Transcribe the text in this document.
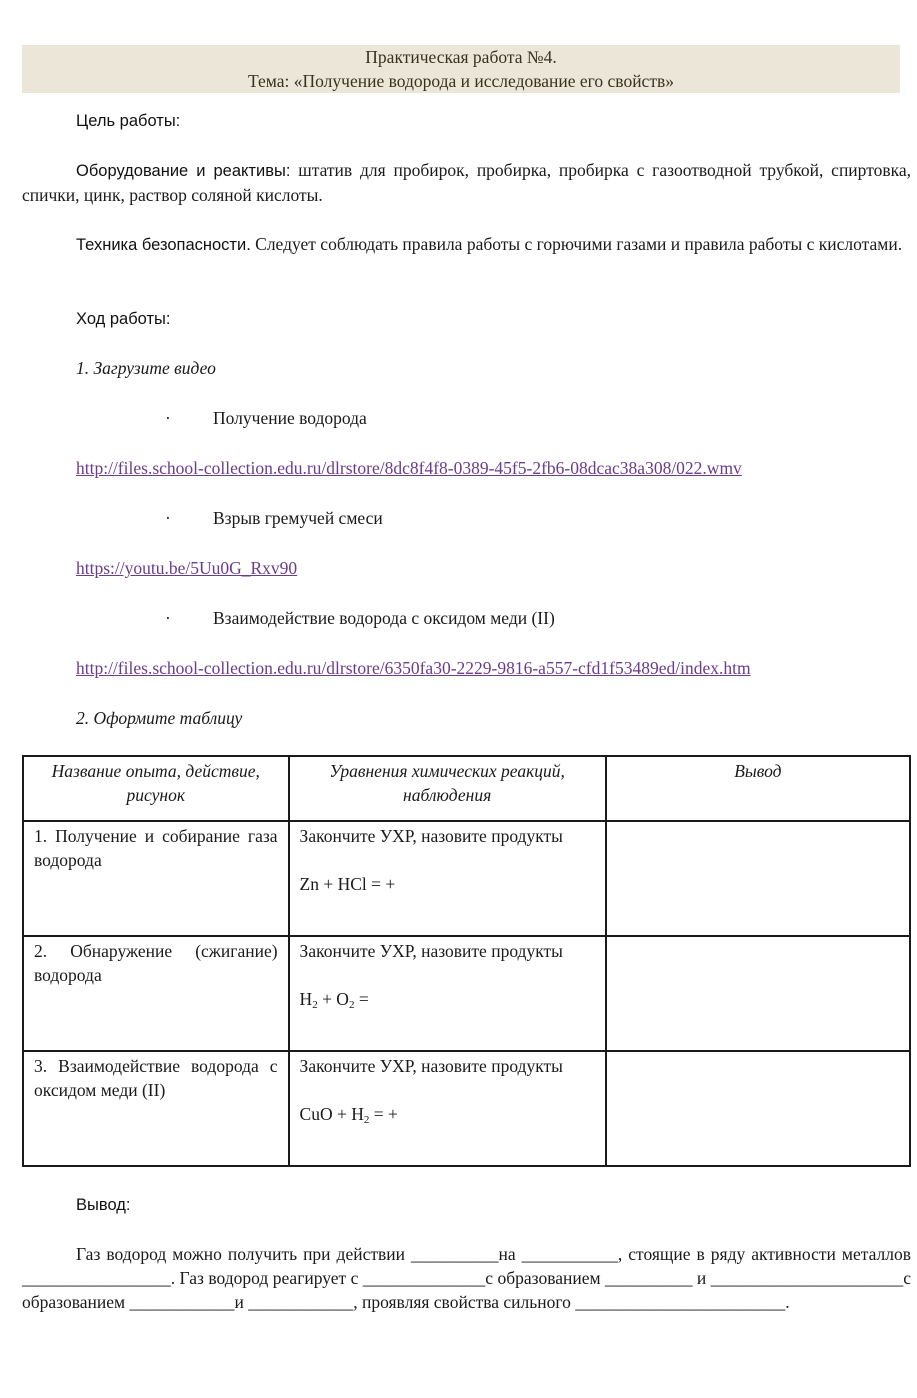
Практическая работа №4.
Тема: «Получение водорода и исследование его свойств»
Цель работы:
Оборудование и реактивы: штатив для пробирок, пробирка, пробирка с газоотводной трубкой, спиртовка, спички, цинк, раствор соляной кислоты.
Техника безопасности. Следует соблюдать правила работы с горючими газами и правила работы с кислотами.
Ход работы:
1. Загрузите видео
· Получение водорода
http://files.school-collection.edu.ru/dlrstore/8dc8f4f8-0389-45f5-2fb6-08dcac38a308/022.wmv
· Взрыв гремучей смеси
https://youtu.be/5Uu0G_Rxv90
· Взаимодействие водорода с оксидом меди (II)
http://files.school-collection.edu.ru/dlrstore/6350fa30-2229-9816-a557-cfd1f53489ed/index.htm
2. Оформите таблицу
Название опыта, действие, рисунок	Уравнения химических реакций, наблюдения	Вывод
1. Получение и собирание газа водорода	Закончите УХР, назовите продукты
Zn + HCl = +	

2. Обнаружение (сжигание) водорода	Закончите УХР, назовите продукты
$H_2 + O_2$ =	

3. Взаимодействие водорода с оксидом меди (II)	Закончите УХР, назовите продукты
CuO + $H_2$ = +	

Вывод:
Газ водород можно получить при действии __________на ___________, стоящие в ряду активности металлов _________________. Газ водород реагирует с ______________с образованием __________ и ______________________с образованием ____________и ____________, проявляя свойства сильного ________________________.
